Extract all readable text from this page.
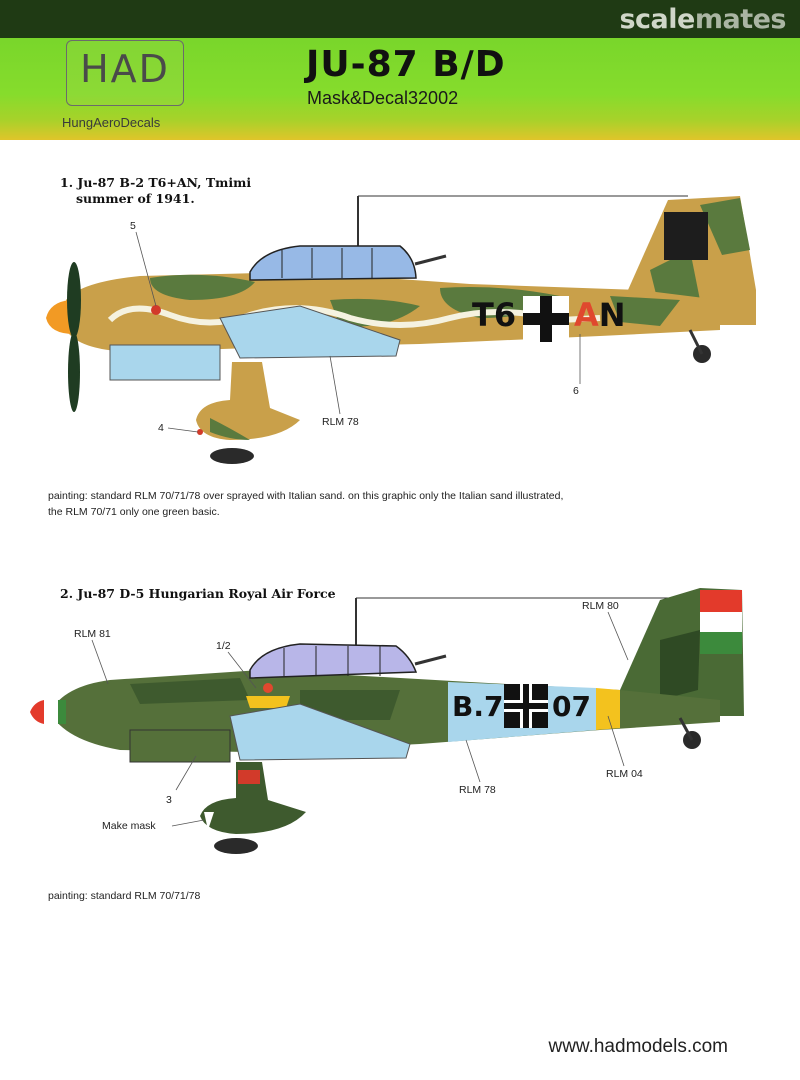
scalemates
HAD
HungAeroDecals
JU-87 B/D
Mask&Decal32002
1. Ju-87 B-2 T6+AN, Tmimi
summer of 1941.
T6 AN
5
4	RLM 78
6
painting: standard RLM 70/71/78 over sprayed with Italian sand. on this graphic only the Italian sand illustrated,
the RLM 70/71 only one green basic.
2. Ju-87 D-5 Hungarian Royal Air Force
B.7 07
RLM 81
1/2
RLM 80
3
Make mask
RLM 78
RLM 04
painting: standard RLM 70/71/78
www.hadmodels.com
